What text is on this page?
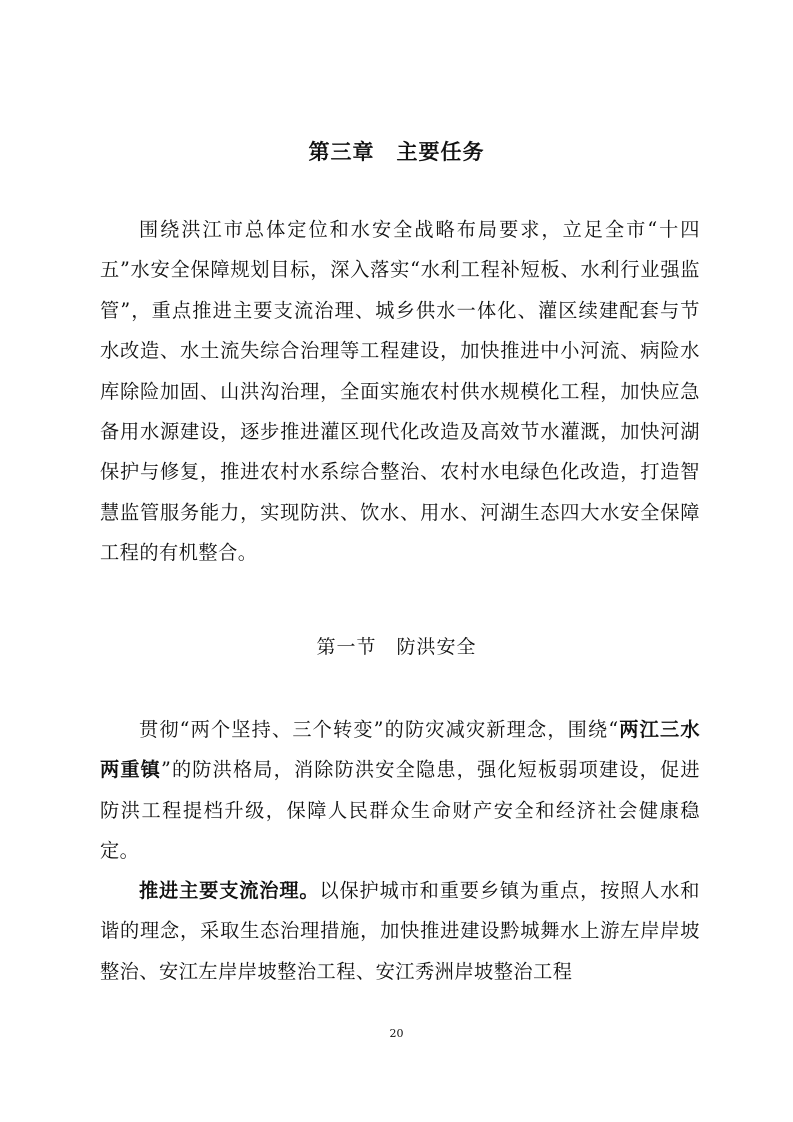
第三章　主要任务
围绕洪江市总体定位和水安全战略布局要求，立足全市“十四五”水安全保障规划目标，深入落实“水利工程补短板、水利行业强监管”，重点推进主要支流治理、城乡供水一体化、灌区续建配套与节水改造、水土流失综合治理等工程建设，加快推进中小河流、病险水库除险加固、山洪沟治理，全面实施农村供水规模化工程，加快应急备用水源建设，逐步推进灌区现代化改造及高效节水灌溉，加快河湖保护与修复，推进农村水系综合整治、农村水电绿色化改造，打造智慧监管服务能力，实现防洪、饮水、用水、河湖生态四大水安全保障工程的有机整合。
第一节　防洪安全
贯彻“两个坚持、三个转变”的防灾减灾新理念，围绕“两江三水两重镇”的防洪格局，消除防洪安全隐患，强化短板弱项建设，促进防洪工程提档升级，保障人民群众生命财产安全和经济社会健康稳定。
推进主要支流治理。以保护城市和重要乡镇为重点，按照人水和谐的理念，采取生态治理措施，加快推进建设黔城舞水上游左岸岸坡整治、安江左岸岸坡整治工程、安江秀洲岸坡整治工程
20
